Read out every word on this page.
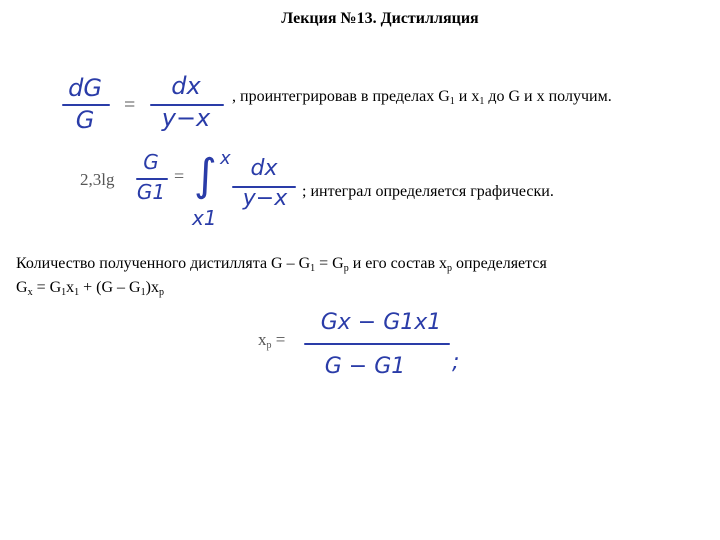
Лекция №13. Дистилляция
dG
G
=
dx
y−x
, проинтегрировав в пределах $G_1$ и $x_1$ до G и x получим.
2,3lg
G
G1
= ∫ x
x1
dx
y−x ; интеграл определяется графически.
Количество полученного дистиллята $G - G_1 = G_p$ и его состав $x_p$ определяется
$G_x = G_1x_1 + (G - G_1)x_p$
$x_p$ =
Gx − G1x1
G − G1	;
